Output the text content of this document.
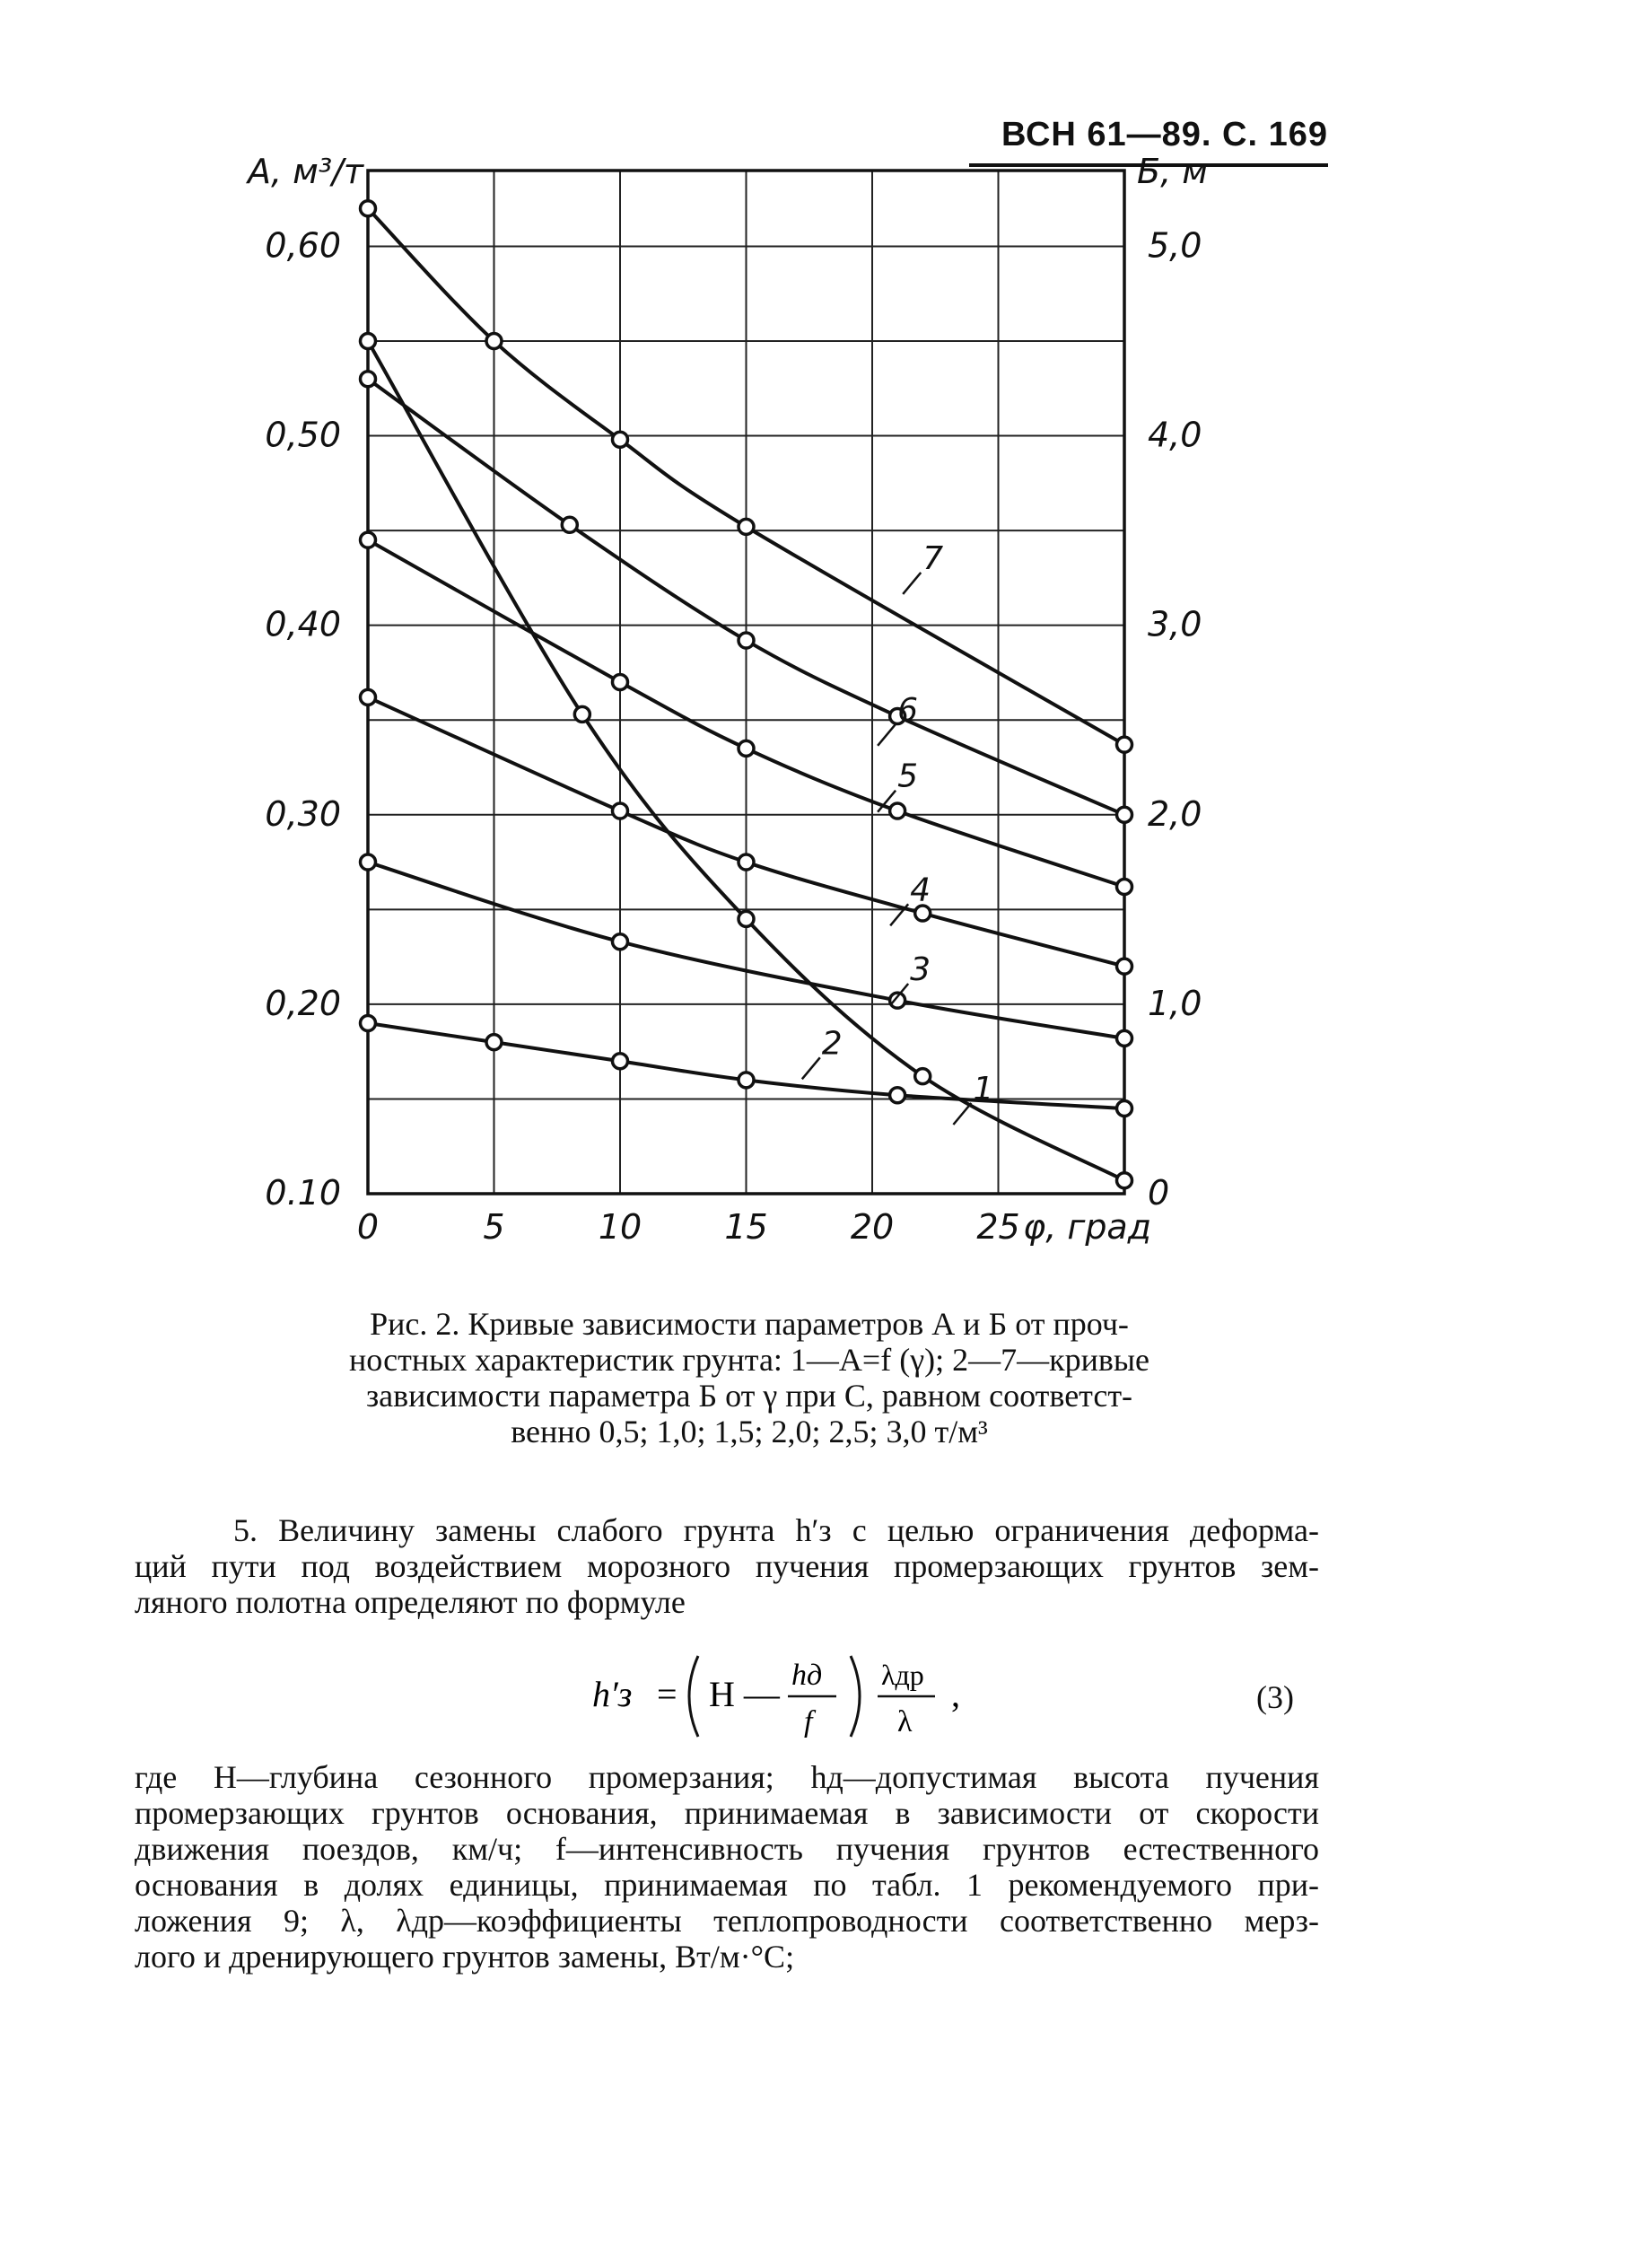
ВСН 61—89. С. 169
0	5	10 15 20 25
0.10
0,20
0,30
0,40
0,50
0,60
0
1,0
2,0
3,0
4,0
5,0
А, м³/т	Б, м
φ, град
1
2
3
4
5
6
7
Рис. 2. Кривые зависимости параметров А и Б от проч-
ностных характеристик грунта: 1—А=f (γ); 2—7—кривые
зависимости параметра Б от γ при C, равном соответст-
венно 0,5; 1,0; 1,5; 2,0; 2,5; 3,0 т/м³
5. Величину замены слабого грунта h′з с целью ограничения деформа-
ций пути под воздействием морозного пучения промерзающих грунтов зем-
ляного полотна определяют по формуле
h′з = Н — hд
f
λдр
λ
,	(3)
где Н—глубина сезонного промерзания; hд—допустимая высота пучения
промерзающих грунтов основания, принимаемая в зависимости от скорости
движения поездов, км/ч; f—интенсивность пучения грунтов естественного
основания в долях единицы, принимаемая по табл. 1 рекомендуемого при-
ложения 9; λ, λдр—коэффициенты теплопроводности соответственно мерз-
лого и дренирующего грунтов замены, Вт/м·°С;
